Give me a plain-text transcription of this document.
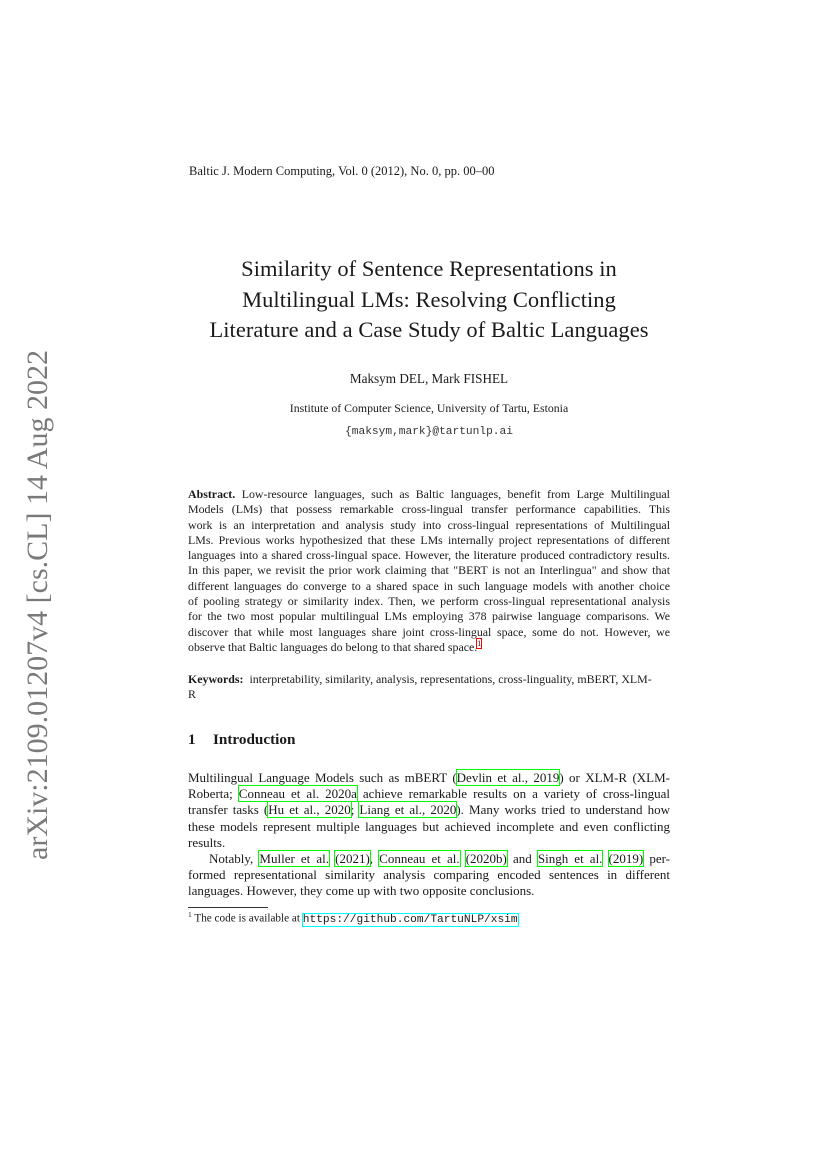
Baltic J. Modern Computing, Vol. 0 (2012), No. 0, pp. 00–00
Similarity of Sentence Representations in
Multilingual LMs: Resolving Conflicting
Literature and a Case Study of Baltic Languages
Maksym DEL, Mark FISHEL
Institute of Computer Science, University of Tartu, Estonia
{maksym,mark}@tartunlp.ai
Abstract. Low-resource languages, such as Baltic languages, benefit from Large Multilingual
Models (LMs) that possess remarkable cross-lingual transfer performance capabilities. This
work is an interpretation and analysis study into cross-lingual representations of Multilingual
LMs. Previous works hypothesized that these LMs internally project representations of different
languages into a shared cross-lingual space. However, the literature produced contradictory results.
In this paper, we revisit the prior work claiming that "BERT is not an Interlingua" and show that
different languages do converge to a shared space in such language models with another choice
of pooling strategy or similarity index. Then, we perform cross-lingual representational analysis
for the two most popular multilingual LMs employing 378 pairwise language comparisons. We
discover that while most languages share joint cross-lingual space, some do not. However, we
observe that Baltic languages do belong to that shared space.$^1$
Keywords: interpretability, similarity, analysis, representations, cross-linguality, mBERT, XLM-
R
1 Introduction
Multilingual Language Models such as mBERT (Devlin et al., 2019) or XLM-R (XLM-
Roberta; Conneau et al. 2020a achieve remarkable results on a variety of cross-lingual
transfer tasks (Hu et al., 2020; Liang et al., 2020). Many works tried to understand how
these models represent multiple languages but achieved incomplete and even conflicting
results.
Notably, Muller et al. (2021), Conneau et al. (2020b) and Singh et al. (2019) per-
formed representational similarity analysis comparing encoded sentences in different
languages. However, they come up with two opposite conclusions.
$^1$ The code is available at https://github.com/TartuNLP/xsim
arXiv:2109.01207v4 [cs.CL] 14 Aug 2022
